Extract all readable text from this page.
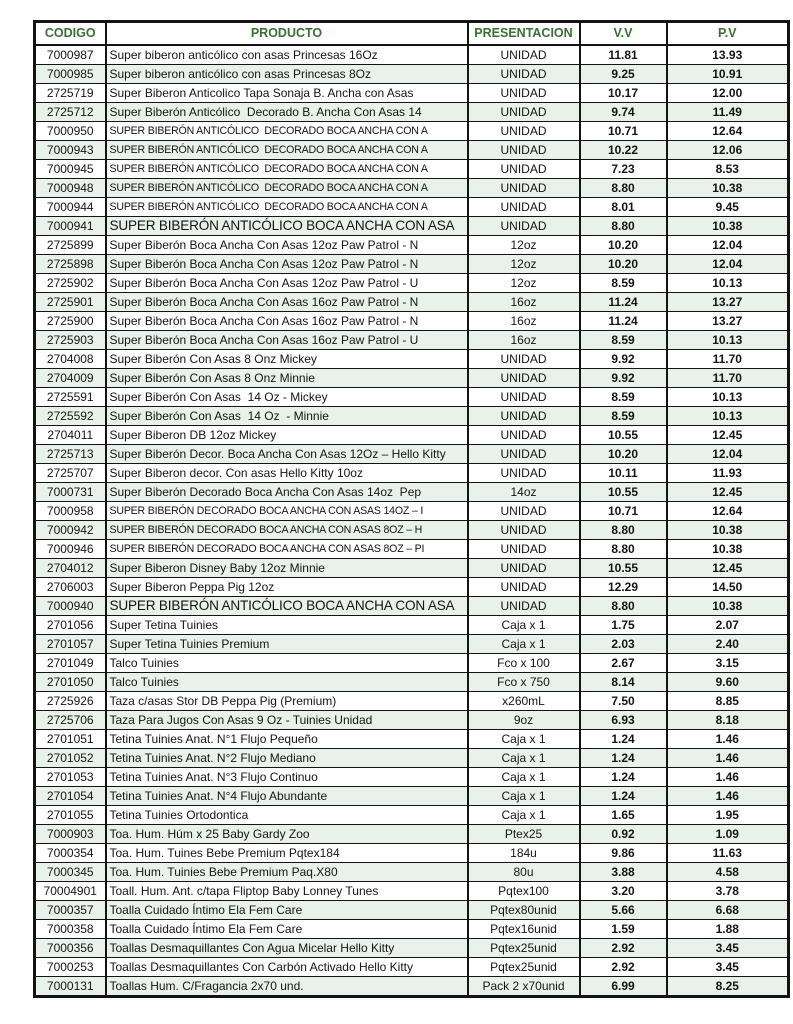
CODIGO	PRODUCTO	PRESENTACION	V.V	P.V
7000987	Super biberon anticólico con asas Princesas 16Oz	UNIDAD	11.81	13.93
7000985	Super biberon anticólico con asas Princesas 8Oz	UNIDAD	9.25	10.91
2725719	Super Biberon Anticolico Tapa Sonaja B. Ancha con Asas	UNIDAD	10.17	12.00
2725712	Super Biberón Anticólico  Decorado B. Ancha Con Asas 14	UNIDAD	9.74	11.49
7000950	SUPER BIBERÓN ANTICÓLICO  DECORADO BOCA ANCHA CON A	UNIDAD	10.71	12.64
7000943	SUPER BIBERÓN ANTICÓLICO  DECORADO BOCA ANCHA CON A	UNIDAD	10.22	12.06
7000945	SUPER BIBERÓN ANTICÓLICO  DECORADO BOCA ANCHA CON A	UNIDAD	7.23	8.53
7000948	SUPER BIBERÓN ANTICÓLICO  DECORADO BOCA ANCHA CON A	UNIDAD	8.80	10.38
7000944	SUPER BIBERÓN ANTICÓLICO  DECORADO BOCA ANCHA CON A	UNIDAD	8.01	9.45
7000941	SUPER BIBERÓN ANTICÓLICO BOCA ANCHA CON ASA	UNIDAD	8.80	10.38
2725899	Super Biberón Boca Ancha Con Asas 12oz Paw Patrol - N	12oz	10.20	12.04
2725898	Super Biberón Boca Ancha Con Asas 12oz Paw Patrol - N	12oz	10.20	12.04
2725902	Super Biberón Boca Ancha Con Asas 12oz Paw Patrol - U	12oz	8.59	10.13
2725901	Super Biberón Boca Ancha Con Asas 16oz Paw Patrol - N	16oz	11.24	13.27
2725900	Super Biberón Boca Ancha Con Asas 16oz Paw Patrol - N	16oz	11.24	13.27
2725903	Super Biberón Boca Ancha Con Asas 16oz Paw Patrol - U	16oz	8.59	10.13
2704008	Super Biberón Con Asas 8 Onz Mickey	UNIDAD	9.92	11.70
2704009	Super Biberón Con Asas 8 Onz Minnie	UNIDAD	9.92	11.70
2725591	Super Biberón Con Asas  14 Oz - Mickey	UNIDAD	8.59	10.13
2725592	Super Biberón Con Asas  14 Oz  - Minnie	UNIDAD	8.59	10.13
2704011	Super Biberon DB 12oz Mickey	UNIDAD	10.55	12.45
2725713	Super Biberón Decor. Boca Ancha Con Asas 12Oz – Hello Kitty	UNIDAD	10.20	12.04
2725707	Super Biberon decor. Con asas Hello Kitty 10oz	UNIDAD	10.11	11.93
7000731	Super Biberón Decorado Boca Ancha Con Asas 14oz  Pep	14oz	10.55	12.45
7000958	SUPER BIBERÓN DECORADO BOCA ANCHA CON ASAS 14OZ – I	UNIDAD	10.71	12.64
7000942	SUPER BIBERÓN DECORADO BOCA ANCHA CON ASAS 8OZ – H	UNIDAD	8.80	10.38
7000946	SUPER BIBERÓN DECORADO BOCA ANCHA CON ASAS 8OZ – PI	UNIDAD	8.80	10.38
2704012	Super Biberon Disney Baby 12oz Minnie	UNIDAD	10.55	12.45
2706003	Super Biberon Peppa Pig 12oz	UNIDAD	12.29	14.50
7000940	SUPER BIBERÓN ANTICÓLICO BOCA ANCHA CON ASA	UNIDAD	8.80	10.38
2701056	Super Tetina Tuinies	Caja x 1	1.75	2.07
2701057	Super Tetina Tuinies Premium	Caja x 1	2.03	2.40
2701049	Talco Tuinies	Fco x 100	2.67	3.15
2701050	Talco Tuinies	Fco x 750	8.14	9.60
2725926	Taza c/asas Stor DB Peppa Pig (Premium)	x260mL	7.50	8.85
2725706	Taza Para Jugos Con Asas 9 Oz - Tuinies Unidad	9oz	6.93	8.18
2701051	Tetina Tuinies Anat. N°1 Flujo Pequeño	Caja x 1	1.24	1.46
2701052	Tetina Tuinies Anat. N°2 Flujo Mediano	Caja x 1	1.24	1.46
2701053	Tetina Tuinies Anat. N°3 Flujo Continuo	Caja x 1	1.24	1.46
2701054	Tetina Tuinies Anat. N°4 Flujo Abundante	Caja x 1	1.24	1.46
2701055	Tetina Tuinies Ortodontica	Caja x 1	1.65	1.95
7000903	Toa. Hum. Húm x 25 Baby Gardy Zoo	Ptex25	0.92	1.09
7000354	Toa. Hum. Tuines Bebe Premium Pqtex184	184u	9.86	11.63
7000345	Toa. Hum. Tuinies Bebe Premium Paq.X80	80u	3.88	4.58
70004901	Toall. Hum. Ant. c/tapa Fliptop Baby Lonney Tunes	Pqtex100	3.20	3.78
7000357	Toalla Cuidado Íntimo Ela Fem Care	Pqtex80unid	5.66	6.68
7000358	Toalla Cuidado Íntimo Ela Fem Care	Pqtex16unid	1.59	1.88
7000356	Toallas Desmaquillantes Con Agua Micelar Hello Kitty	Pqtex25unid	2.92	3.45
7000253	Toallas Desmaquillantes Con Carbón Activado Hello Kitty	Pqtex25unid	2.92	3.45
7000131	Toallas Hum. C/Fragancia 2x70 und.	Pack 2 x70unid	6.99	8.25
